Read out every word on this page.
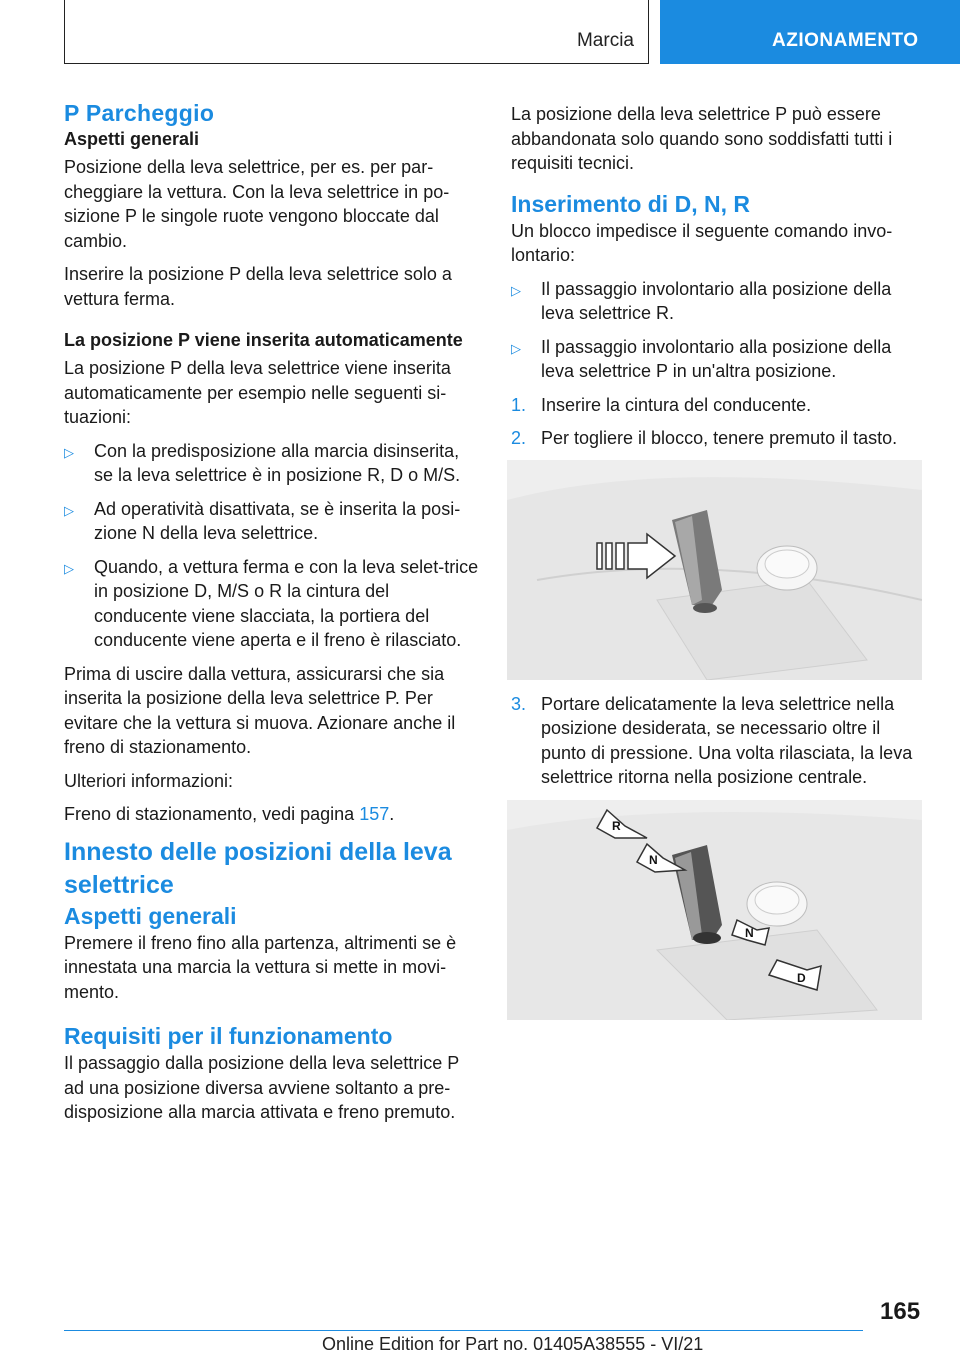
Marcia	AZIONAMENTO
P Parcheggio
Aspetti generali

Posizione della leva selettrice, per es. per par-cheggiare la vettura. Con la leva selettrice in po-sizione P le singole ruote vengono bloccate dal cambio.

Inserire la posizione P della leva selettrice solo a vettura ferma.

La posizione P viene inserita automaticamente

La posizione P della leva selettrice viene inserita automaticamente per esempio nelle seguenti si-tuazioni:

▷ Con la predisposizione alla marcia disinserita, se la leva selettrice è in posizione R, D o M/S.
▷ Ad operatività disattivata, se è inserita la posi-zione N della leva selettrice.
▷ Quando, a vettura ferma e con la leva selet-trice in posizione D, M/S o R la cintura del conducente viene slacciata, la portiera del conducente viene aperta e il freno è rilasciato.

Prima di uscire dalla vettura, assicurarsi che sia inserita la posizione della leva selettrice P. Per evitare che la vettura si muova. Azionare anche il freno di stazionamento.

Ulteriori informazioni:

Freno di stazionamento, vedi pagina 157.

Innesto delle posizioni della leva selettrice
Aspetti generali

Premere il freno fino alla partenza, altrimenti se è innestata una marcia la vettura si mette in movi-mento.

Requisiti per il funzionamento

Il passaggio dalla posizione della leva selettrice P ad una posizione diversa avviene soltanto a pre-disposizione alla marcia attivata e freno premuto.

La posizione della leva selettrice P può essere abbandonata solo quando sono soddisfatti tutti i requisiti tecnici.

Inserimento di D, N, R

Un blocco impedisce il seguente comando invo-lontario:

▷ Il passaggio involontario alla posizione della leva selettrice R.
▷ Il passaggio involontario alla posizione della leva selettrice P in un'altra posizione.
1. Inserire la cintura del conducente.
2. Per togliere il blocco, tenere premuto il tasto.
3. Portare delicatamente la leva selettrice nella posizione desiderata, se necessario oltre il punto di pressione. Una volta rilasciata, la leva selettrice ritorna nella posizione centrale.
R
N
N
D
165
Online Edition for Part no. 01405A38555 - VI/21
